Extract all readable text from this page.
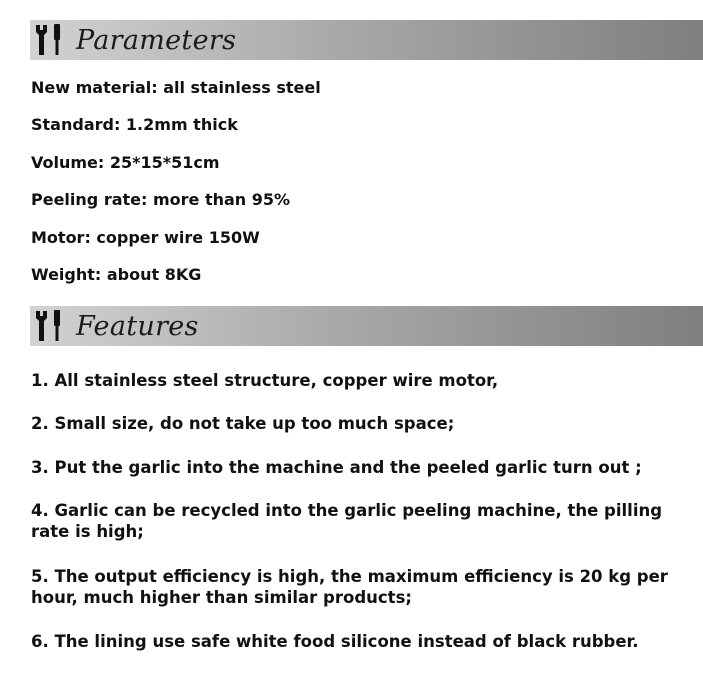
Parameters
New material: all stainless steel
Standard: 1.2mm thick
Volume: 25*15*51cm
Peeling rate: more than 95%
Motor: copper wire 150W
Weight: about 8KG
Features
1. All stainless steel structure, copper wire motor,
2. Small size, do not take up too much space;
3. Put the garlic into the machine and the peeled garlic turn out ;
4. Garlic can be recycled into the garlic peeling machine, the pilling rate is high;
5. The output efficiency is high, the maximum efficiency is 20 kg per hour, much higher than similar products;
6. The lining use safe white food silicone instead of black rubber.
